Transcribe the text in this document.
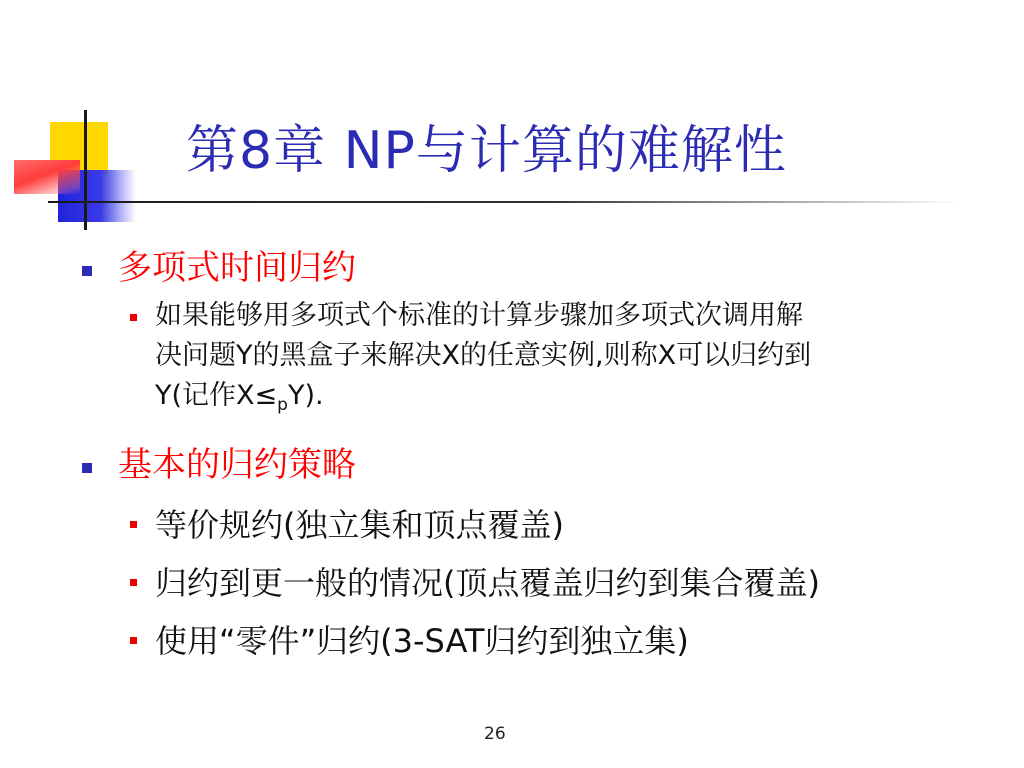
第8章 NP与计算的难解性
多项式时间归约
如果能够用多项式个标准的计算步骤加多项式次调用解
决问题Y的黑盒子来解决X的任意实例,则称X可以归约到
Y(记作$X\le_pY$).
基本的归约策略
等价规约(独立集和顶点覆盖)
归约到更一般的情况(顶点覆盖归约到集合覆盖)
使用“零件”归约(3-SAT归约到独立集)
26
